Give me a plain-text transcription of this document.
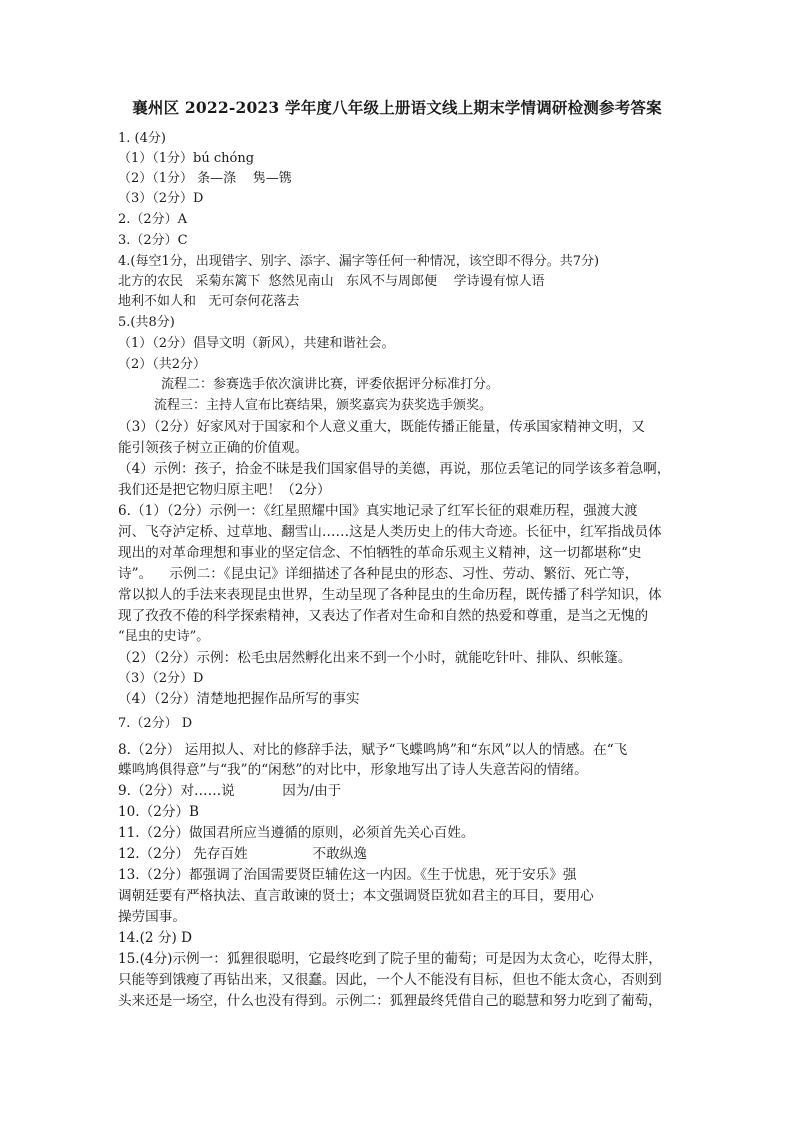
襄州区 2022-2023 学年度八年级上册语文线上期末学情调研检测参考答案
1. (4分)
（1）（1分）bú chóng
（2）（1分） 条—涤    隽—镌
（3）（2分）D
2.（2分）A
3.（2分）C
4.(每空1分，出现错字、别字、添字、漏字等任何一种情况，该空即不得分。共7分)
北方的农民   采菊东篱下  悠然见南山   东风不与周郎便    学诗谩有惊人语
地利不如人和   无可奈何花落去
5.(共8分)
（1）（2分）倡导文明（新风），共建和谐社会。
（2）（共2分）
流程二：参赛选手依次演讲比赛，评委依据评分标准打分。
流程三：主持人宣布比赛结果，颁奖嘉宾为获奖选手颁奖。
（3）（2分）好家风对于国家和个人意义重大，既能传播正能量，传承国家精神文明，又
能引领孩子树立正确的价值观。
（4）示例：孩子，拾金不昧是我们国家倡导的美德，再说，那位丢笔记的同学该多着急啊，
我们还是把它物归原主吧！（2分）
6.（1）（2分）示例一：《红星照耀中国》真实地记录了红军长征的艰难历程，强渡大渡
河、飞夺泸定桥、过草地、翻雪山……这是人类历史上的伟大奇迹。长征中，红军指战员体
现出的对革命理想和事业的坚定信念、不怕牺牲的革命乐观主义精神，这一切都堪称“史
诗”。    示例二：《昆虫记》详细描述了各种昆虫的形态、习性、劳动、繁衍、死亡等，
常以拟人的手法来表现昆虫世界，生动呈现了各种昆虫的生命历程，既传播了科学知识，体
现了孜孜不倦的科学探索精神，又表达了作者对生命和自然的热爱和尊重，是当之无愧的
“昆虫的史诗”。
（2）（2分）示例：松毛虫居然孵化出来不到一个小时，就能吃针叶、排队、织帐篷。
（3）（2分）D
（4）（2分）清楚地把握作品所写的事实
7.（2分） D
8.（2分） 运用拟人、对比的修辞手法，赋予“飞蝶鸣鸠”和“东风”以人的情感。在“飞
蝶鸣鸠俱得意”与“我”的“闲愁”的对比中，形象地写出了诗人失意苦闷的情绪。
9.（2分）对……说           因为/由于
10.（2分）B
11.（2分）做国君所应当遵循的原则，必须首先关心百姓。
12.（2分） 先存百姓               不敢纵逸
13.（2分）都强调了治国需要贤臣辅佐这一内因。《生于忧患，死于安乐》强
调朝廷要有严格执法、直言敢谏的贤士；本文强调贤臣犹如君主的耳目，要用心
操劳国事。
14.(2 分) D
15.(4分)示例一：狐狸很聪明，它最终吃到了院子里的葡萄；可是因为太贪心，吃得太胖，
只能等到饿瘦了再钻出来，又很蠢。因此，一个人不能没有目标，但也不能太贪心，否则到
头来还是一场空，什么也没有得到。示例二：狐狸最终凭借自己的聪慧和努力吃到了葡萄，
